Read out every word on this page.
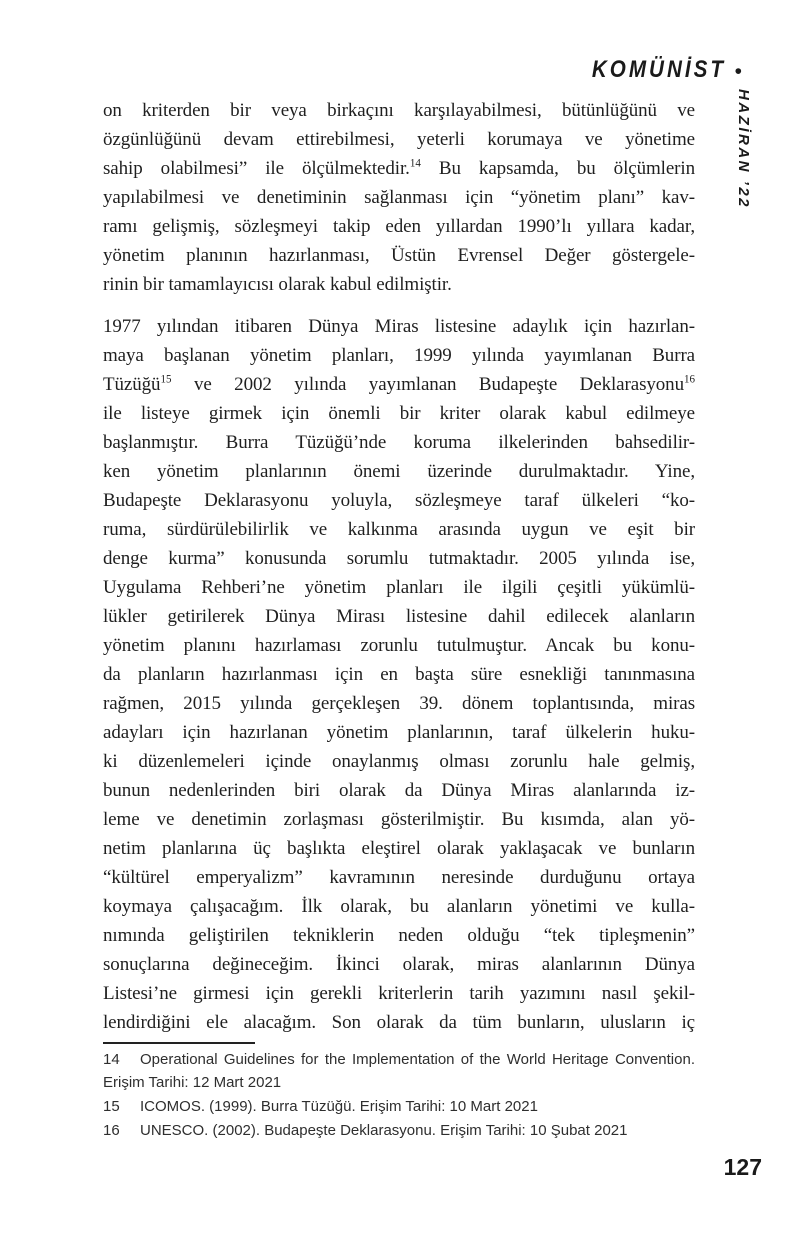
KOMÜNİST •
HAZİRAN ’22
on kriterden bir veya birkaçını karşılayabilmesi, bütünlüğünü ve
özgünlüğünü devam ettirebilmesi, yeterli korumaya ve yönetime
sahip olabilmesi” ile ölçülmektedir.$^{14}$ Bu kapsamda, bu ölçümlerin
yapılabilmesi ve denetiminin sağlanması için “yönetim planı” kav-
ramı gelişmiş, sözleşmeyi takip eden yıllardan 1990’lı yıllara kadar,
yönetim planının hazırlanması, Üstün Evrensel Değer göstergele-
rinin bir tamamlayıcısı olarak kabul edilmiştir.
1977 yılından itibaren Dünya Miras listesine adaylık için hazırlan-
maya başlanan yönetim planları, 1999 yılında yayımlanan Burra
Tüzüğü$^{15}$ ve 2002 yılında yayımlanan Budapeşte Deklarasyonu$^{16}$
ile listeye girmek için önemli bir kriter olarak kabul edilmeye
başlanmıştır. Burra Tüzüğü’nde koruma ilkelerinden bahsedilir-
ken yönetim planlarının önemi üzerinde durulmaktadır. Yine,
Budapeşte Deklarasyonu yoluyla, sözleşmeye taraf ülkeleri “ko-
ruma, sürdürülebilirlik ve kalkınma arasında uygun ve eşit bir
denge kurma” konusunda sorumlu tutmaktadır. 2005 yılında ise,
Uygulama Rehberi’ne yönetim planları ile ilgili çeşitli yükümlü-
lükler getirilerek Dünya Mirası listesine dahil edilecek alanların
yönetim planını hazırlaması zorunlu tutulmuştur. Ancak bu konu-
da planların hazırlanması için en başta süre esnekliği tanınmasına
rağmen, 2015 yılında gerçekleşen 39. dönem toplantısında, miras
adayları için hazırlanan yönetim planlarının, taraf ülkelerin huku-
ki düzenlemeleri içinde onaylanmış olması zorunlu hale gelmiş,
bunun nedenlerinden biri olarak da Dünya Miras alanlarında iz-
leme ve denetimin zorlaşması gösterilmiştir. Bu kısımda, alan yö-
netim planlarına üç başlıkta eleştirel olarak yaklaşacak ve bunların
“kültürel emperyalizm” kavramının neresinde durduğunu ortaya
koymaya çalışacağım. İlk olarak, bu alanların yönetimi ve kulla-
nımında geliştirilen tekniklerin neden olduğu “tek tipleşmenin”
sonuçlarına değineceğim. İkinci olarak, miras alanlarının Dünya
Listesi’ne girmesi için gerekli kriterlerin tarih yazımını nasıl şekil-
lendirdiğini ele alacağım. Son olarak da tüm bunların, ulusların iç
14 Operational Guidelines for the Implementation of the World Heritage Convention. Erişim Tarihi: 12 Mart 2021
15 ICOMOS. (1999). Burra Tüzüğü. Erişim Tarihi: 10 Mart 2021
16 UNESCO. (2002). Budapeşte Deklarasyonu. Erişim Tarihi: 10 Şubat 2021
127
